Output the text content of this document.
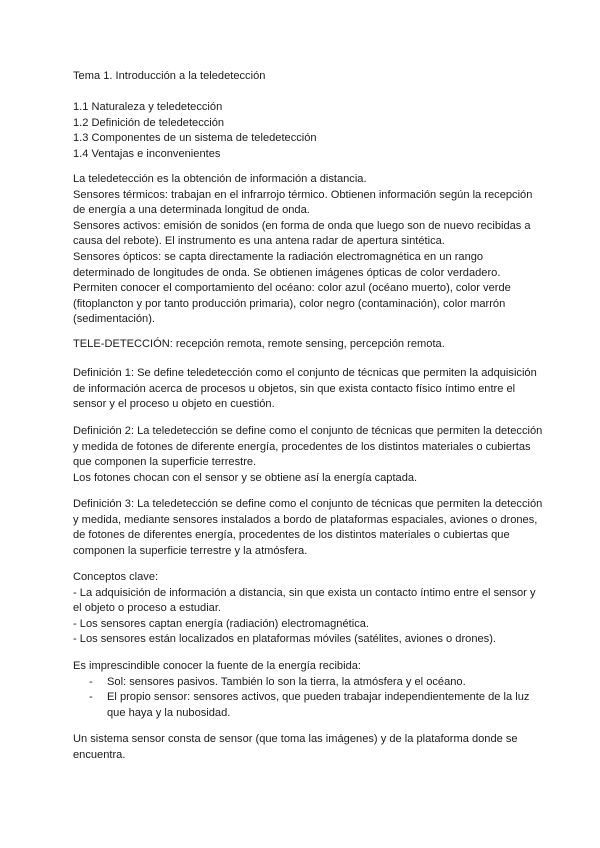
Tema 1. Introducción a la teledetección

1.1 Naturaleza y teledetección

1.2 Definición de teledetección

1.3 Componentes de un sistema de teledetección

1.4 Ventajas e inconvenientes

La teledetección es la obtención de información a distancia.

Sensores térmicos: trabajan en el infrarrojo térmico. Obtienen información según la recepción de energía a una determinada longitud de onda.

Sensores activos: emisión de sonidos (en forma de onda que luego son de nuevo recibidas a causa del rebote). El instrumento es una antena radar de apertura sintética.

Sensores ópticos: se capta directamente la radiación electromagnética en un rango determinado de longitudes de onda. Se obtienen imágenes ópticas de color verdadero. Permiten conocer el comportamiento del océano: color azul (océano muerto), color verde (fitoplancton y por tanto producción primaria), color negro (contaminación), color marrón (sedimentación).

TELE-DETECCIÓN: recepción remota, remote sensing, percepción remota.

Definición 1: Se define teledetección como el conjunto de técnicas que permiten la adquisición de información acerca de procesos u objetos, sin que exista contacto físico íntimo entre el sensor y el proceso u objeto en cuestión.

Definición 2: La teledetección se define como el conjunto de técnicas que permiten la detección y medida de fotones de diferente energía, procedentes de los distintos materiales o cubiertas que componen la superficie terrestre.

Los fotones chocan con el sensor y se obtiene así la energía captada.

Definición 3: La teledetección se define como el conjunto de técnicas que permiten la detección y medida, mediante sensores instalados a bordo de plataformas espaciales, aviones o drones, de fotones de diferentes energía, procedentes de los distintos materiales o cubiertas que componen la superficie terrestre y la atmósfera.

Conceptos clave:

- La adquisición de información a distancia, sin que exista un contacto íntimo entre el sensor y el objeto o proceso a estudiar.

- Los sensores captan energía (radiación) electromagnética.

- Los sensores están localizados en plataformas móviles (satélites, aviones o drones).

Es imprescindible conocer la fuente de la energía recibida:

- Sol: sensores pasivos. También lo son la tierra, la atmósfera y el océano.
- El propio sensor: sensores activos, que pueden trabajar independientemente de la luz que haya y la nubosidad.

Un sistema sensor consta de sensor (que toma las imágenes) y de la plataforma donde se encuentra.
